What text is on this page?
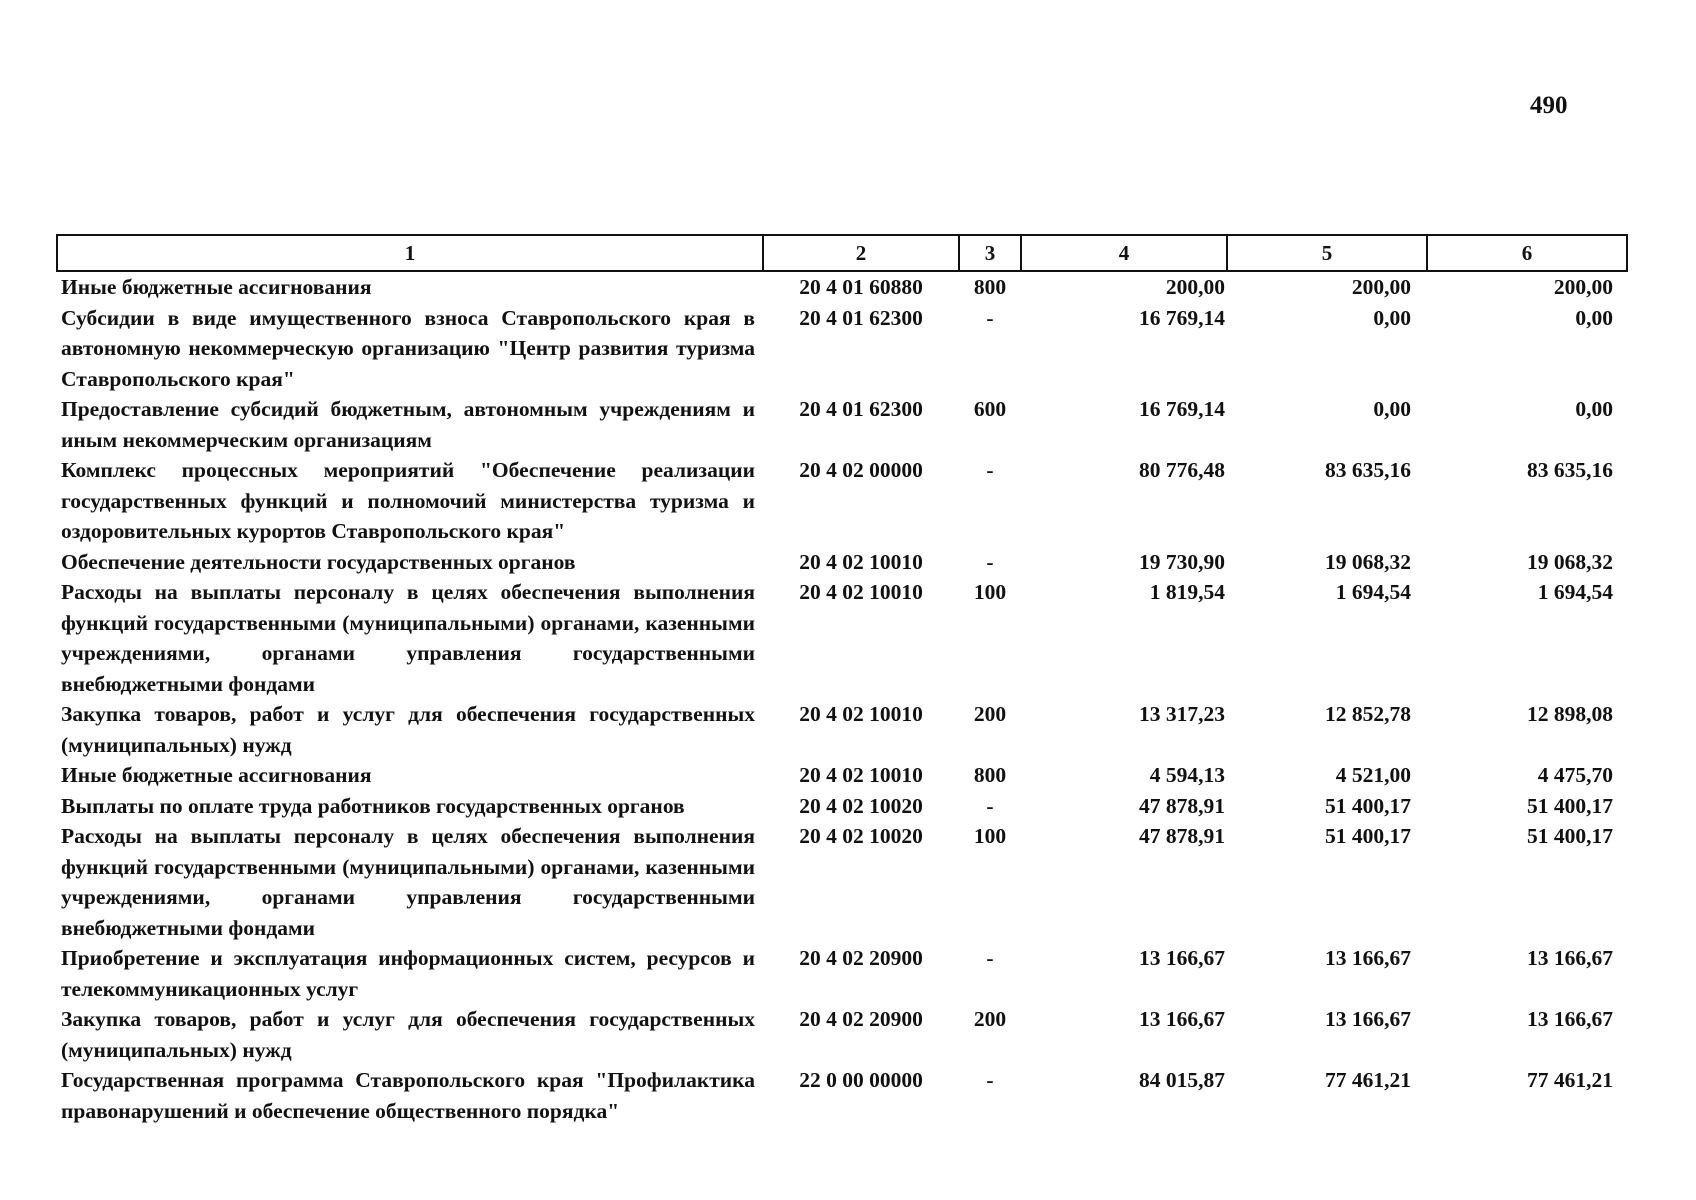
490
1	2	3	4	5	6
Иные бюджетные ассигнования	20 4 01 60880	800	200,00	200,00	200,00
Субсидии в виде имущественного взноса Ставропольского края в автономную некоммерческую организацию "Центр развития туризма Ставропольского края"	20 4 01 62300	-	16 769,14	0,00	0,00
Предоставление субсидий бюджетным, автономным учреждениям и иным некоммерческим организациям	20 4 01 62300	600	16 769,14	0,00	0,00
Комплекс процессных мероприятий "Обеспечение реализации государственных функций и полномочий министерства туризма и оздоровительных курортов Ставропольского края"	20 4 02 00000	-	80 776,48	83 635,16	83 635,16
Обеспечение деятельности государственных органов	20 4 02 10010	-	19 730,90	19 068,32	19 068,32
Расходы на выплаты персоналу в целях обеспечения выполнения функций государственными (муниципальными) органами, казенными учреждениями, органами управления государственными внебюджетными фондами	20 4 02 10010	100	1 819,54	1 694,54	1 694,54
Закупка товаров, работ и услуг для обеспечения государственных (муниципальных) нужд	20 4 02 10010	200	13 317,23	12 852,78	12 898,08
Иные бюджетные ассигнования	20 4 02 10010	800	4 594,13	4 521,00	4 475,70
Выплаты по оплате труда работников государственных органов	20 4 02 10020	-	47 878,91	51 400,17	51 400,17
Расходы на выплаты персоналу в целях обеспечения выполнения функций государственными (муниципальными) органами, казенными учреждениями, органами управления государственными внебюджетными фондами	20 4 02 10020	100	47 878,91	51 400,17	51 400,17
Приобретение и эксплуатация информационных систем, ресурсов и телекоммуникационных услуг	20 4 02 20900	-	13 166,67	13 166,67	13 166,67
Закупка товаров, работ и услуг для обеспечения государственных (муниципальных) нужд	20 4 02 20900	200	13 166,67	13 166,67	13 166,67
Государственная программа Ставропольского края "Профилактика правонарушений и обеспечение общественного порядка"	22 0 00 00000	-	84 015,87	77 461,21	77 461,21
